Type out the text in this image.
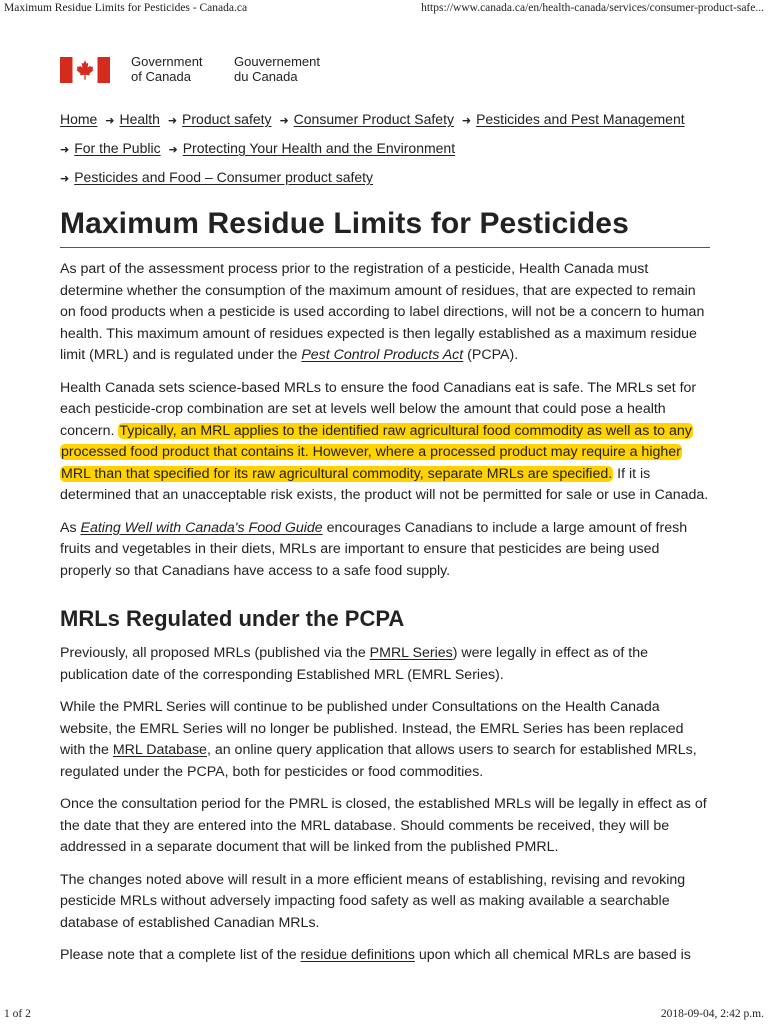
Maximum Residue Limits for Pesticides - Canada.ca	https://www.canada.ca/en/health-canada/services/consumer-product-safe...
Government
of Canada
Gouvernement
du Canada
Home ➜ Health ➜ Product safety ➜ Consumer Product Safety ➜ Pesticides and Pest Management
➜ For the Public ➜ Protecting Your Health and the Environment
➜ Pesticides and Food – Consumer product safety
Maximum Residue Limits for Pesticides

As part of the assessment process prior to the registration of a pesticide, Health Canada must determine whether the consumption of the maximum amount of residues, that are expected to remain on food products when a pesticide is used according to label directions, will not be a concern to human health. This maximum amount of residues expected is then legally established as a maximum residue limit (MRL) and is regulated under the Pest Control Products Act (PCPA).

Health Canada sets science-based MRLs to ensure the food Canadians eat is safe. The MRLs set for each pesticide-crop combination are set at levels well below the amount that could pose a health concern. Typically, an MRL applies to the identified raw agricultural food commodity as well as to any processed food product that contains it. However, where a processed product may require a higher MRL than that specified for its raw agricultural commodity, separate MRLs are specified. If it is determined that an unacceptable risk exists, the product will not be permitted for sale or use in Canada.

As Eating Well with Canada's Food Guide encourages Canadians to include a large amount of fresh fruits and vegetables in their diets, MRLs are important to ensure that pesticides are being used properly so that Canadians have access to a safe food supply.

MRLs Regulated under the PCPA

Previously, all proposed MRLs (published via the PMRL Series) were legally in effect as of the publication date of the corresponding Established MRL (EMRL Series).

While the PMRL Series will continue to be published under Consultations on the Health Canada website, the EMRL Series will no longer be published. Instead, the EMRL Series has been replaced with the MRL Database, an online query application that allows users to search for established MRLs, regulated under the PCPA, both for pesticides or food commodities.

Once the consultation period for the PMRL is closed, the established MRLs will be legally in effect as of the date that they are entered into the MRL database. Should comments be received, they will be addressed in a separate document that will be linked from the published PMRL.

The changes noted above will result in a more efficient means of establishing, revising and revoking pesticide MRLs without adversely impacting food safety as well as making available a searchable database of established Canadian MRLs.

Please note that a complete list of the residue definitions upon which all chemical MRLs are based is

1 of 2	2018-09-04, 2:42 p.m.
